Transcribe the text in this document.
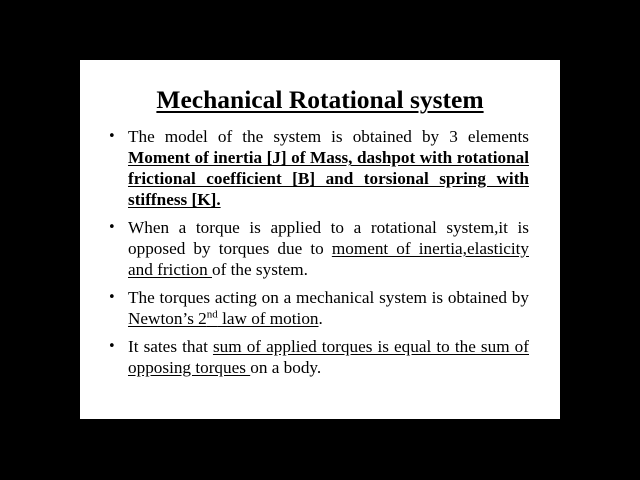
Mechanical Rotational system
• The model of the system is obtained by 3 elements Moment of inertia [J] of Mass, dashpot with rotational frictional coefficient [B] and torsional spring with stiffness [K].
• When a torque is applied to a rotational system,it is opposed by torques due to moment of inertia,elasticity and friction of the system.
• The torques acting on a mechanical system is obtained by Newton’s 2nd law of motion.
• It sates that sum of applied torques is equal to the sum of opposing torques on a body.
